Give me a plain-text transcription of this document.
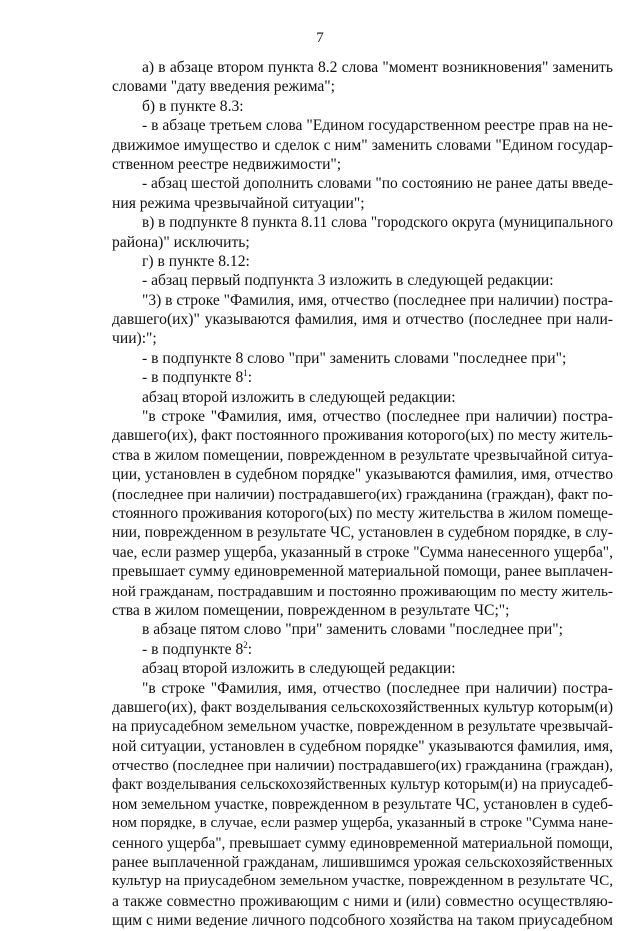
7
а) в абзаце втором пункта 8.2 слова "момент возникновения" заменить
словами "дату введения режима";
б) в пункте 8.3:
- в абзаце третьем слова "Едином государственном реестре прав на не-
движимое имущество и сделок с ним" заменить словами "Едином государ-
ственном реестре недвижимости";
- абзац шестой дополнить словами "по состоянию не ранее даты введе-
ния режима чрезвычайной ситуации";
в) в подпункте 8 пункта 8.11 слова "городского округа (муниципального
района)" исключить;
г) в пункте 8.12:
- абзац первый подпункта 3 изложить в следующей редакции:
"3) в строке "Фамилия, имя, отчество (последнее при наличии) постра-
давшего(их)" указываются фамилия, имя и отчество (последнее при нали-
чии):";
- в подпункте 8 слово "при" заменить словами "последнее при";
- в подпункте $8^1$:
абзац второй изложить в следующей редакции:
"в строке "Фамилия, имя, отчество (последнее при наличии) постра-
давшего(их), факт постоянного проживания которого(ых) по месту житель-
ства в жилом помещении, поврежденном в результате чрезвычайной ситуа-
ции, установлен в судебном порядке" указываются фамилия, имя, отчество
(последнее при наличии) пострадавшего(их) гражданина (граждан), факт по-
стоянного проживания которого(ых) по месту жительства в жилом помеще-
нии, поврежденном в результате ЧС, установлен в судебном порядке, в слу-
чае, если размер ущерба, указанный в строке "Сумма нанесенного ущерба",
превышает сумму единовременной материальной помощи, ранее выплачен-
ной гражданам, пострадавшим и постоянно проживающим по месту житель-
ства в жилом помещении, поврежденном в результате ЧС;";
в абзаце пятом слово "при" заменить словами "последнее при";
- в подпункте $8^2$:
абзац второй изложить в следующей редакции:
"в строке "Фамилия, имя, отчество (последнее при наличии) постра-
давшего(их), факт возделывания сельскохозяйственных культур которым(и)
на приусадебном земельном участке, поврежденном в результате чрезвычай-
ной ситуации, установлен в судебном порядке" указываются фамилия, имя,
отчество (последнее при наличии) пострадавшего(их) гражданина (граждан),
факт возделывания сельскохозяйственных культур которым(и) на приусадеб-
ном земельном участке, поврежденном в результате ЧС, установлен в судеб-
ном порядке, в случае, если размер ущерба, указанный в строке "Сумма нане-
сенного ущерба", превышает сумму единовременной материальной помощи,
ранее выплаченной гражданам, лишившимся урожая сельскохозяйственных
культур на приусадебном земельном участке, поврежденном в результате ЧС,
а также совместно проживающим с ними и (или) совместно осуществляю-
щим с ними ведение личного подсобного хозяйства на таком приусадебном
